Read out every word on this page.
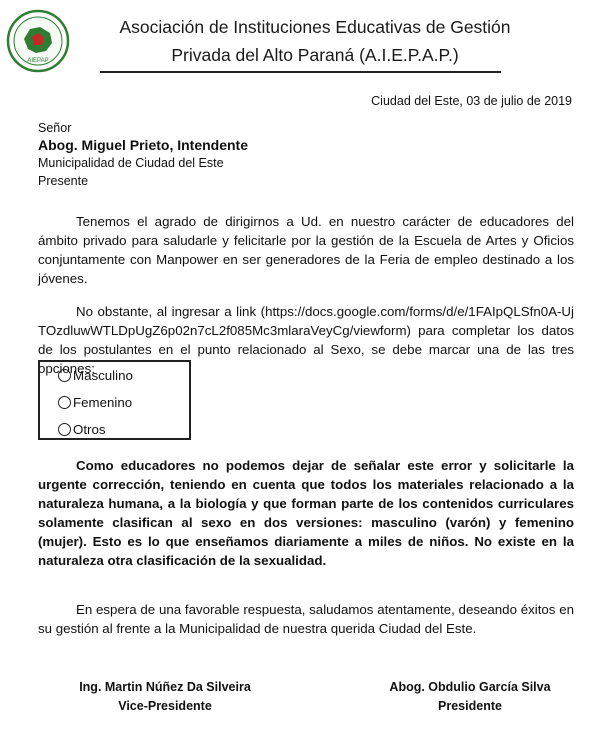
AIEPAP
Asociación de Instituciones Educativas de Gestión
Privada del Alto Paraná (A.I.E.P.A.P.)
Ciudad del Este, 03 de julio de 2019
Señor
Abog. Miguel Prieto, Intendente
Municipalidad de Ciudad del Este
Presente
Tenemos el agrado de dirigirnos a Ud. en nuestro carácter de educadores del ámbito privado para saludarle y felicitarle por la gestión de la Escuela de Artes y Oficios conjuntamente con Manpower en ser generadores de la Feria de empleo destinado a los jóvenes.
No obstante, al ingresar a link (https://docs.google.com/forms/d/e/1FAIpQLSfn0A-UjTOzdluwWTLDpUgZ6p02n7cL2f085Mc3mlaraVeyCg/viewform) para completar los datos de los postulantes en el punto relacionado al Sexo, se debe marcar una de las tres opciones:
Masculino
Femenino
Otros
Como educadores no podemos dejar de señalar este error y solicitarle la urgente corrección, teniendo en cuenta que todos los materiales relacionado a la naturaleza humana, a la biología y que forman parte de los contenidos curriculares solamente clasifican al sexo en dos versiones: masculino (varón) y femenino (mujer). Esto es lo que enseñamos diariamente a miles de niños. No existe en la naturaleza otra clasificación de la sexualidad.
En espera de una favorable respuesta, saludamos atentamente, deseando éxitos en su gestión al frente a la Municipalidad de nuestra querida Ciudad del Este.
Ing. Martin Núñez Da Silveira
Vice-Presidente
Abog. Obdulio García Silva
Presidente
